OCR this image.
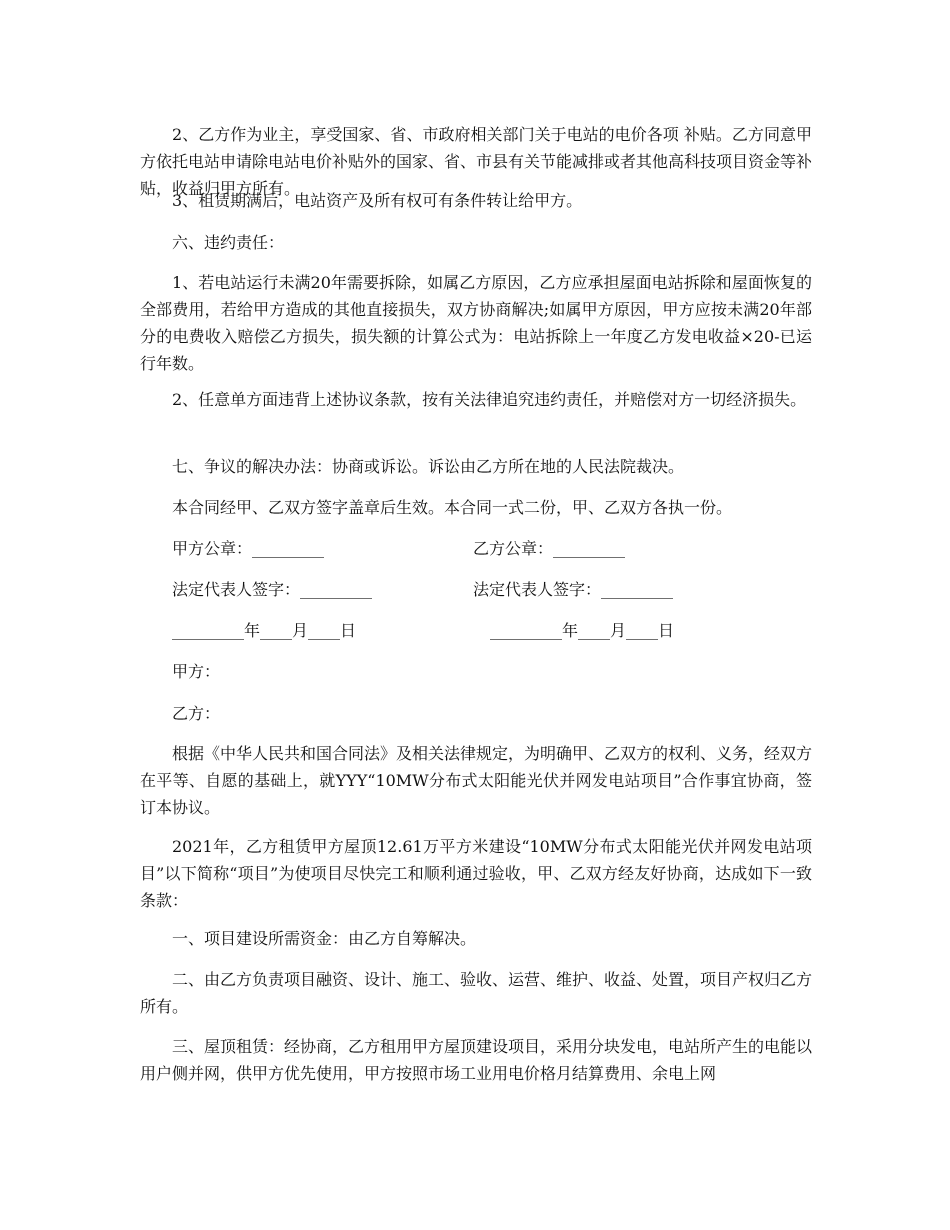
2、乙方作为业主，享受国家、省、市政府相关部门关于电站的电价各项 补贴。乙方同意甲方依托电站申请除电站电价补贴外的国家、省、市县有关节能减排或者其他高科技项目资金等补贴，收益归甲方所有。

3、租赁期满后，电站资产及所有权可有条件转让给甲方。

六、违约责任：

1、若电站运行未满20年需要拆除，如属乙方原因，乙方应承担屋面电站拆除和屋面恢复的全部费用，若给甲方造成的其他直接损失，双方协商解决;如属甲方原因，甲方应按未满20年部分的电费收入赔偿乙方损失，损失额的计算公式为：电站拆除上一年度乙方发电收益×20-已运行年数。

2、任意单方面违背上述协议条款，按有关法律追究违约责任，并赔偿对方一切经济损失。

七、争议的解决办法：协商或诉讼。诉讼由乙方所在地的人民法院裁决。

本合同经甲、乙双方签字盖章后生效。本合同一式二份，甲、乙双方各执一份。

甲方公章：_________	乙方公章：_________
法定代表人签字：_________	法定代表人签字：_________
_________年____月____日	_________年____月____日
甲方：
乙方：

根据《中华人民共和国合同法》及相关法律规定，为明确甲、乙双方的权利、义务，经双方在平等、自愿的基础上，就YYY“10MW分布式太阳能光伏并网发电站项目”合作事宜协商，签订本协议。

2021年，乙方租赁甲方屋顶12.61万平方米建设“10MW分布式太阳能光伏并网发电站项目”以下简称“项目”为使项目尽快完工和顺利通过验收，甲、乙双方经友好协商，达成如下一致条款：

一、项目建设所需资金：由乙方自筹解决。

二、由乙方负责项目融资、设计、施工、验收、运营、维护、收益、处置，项目产权归乙方所有。

三、屋顶租赁：经协商，乙方租用甲方屋顶建设项目，采用分块发电，电站所产生的电能以用户侧并网，供甲方优先使用，甲方按照市场工业用电价格月结算费用、余电上网
